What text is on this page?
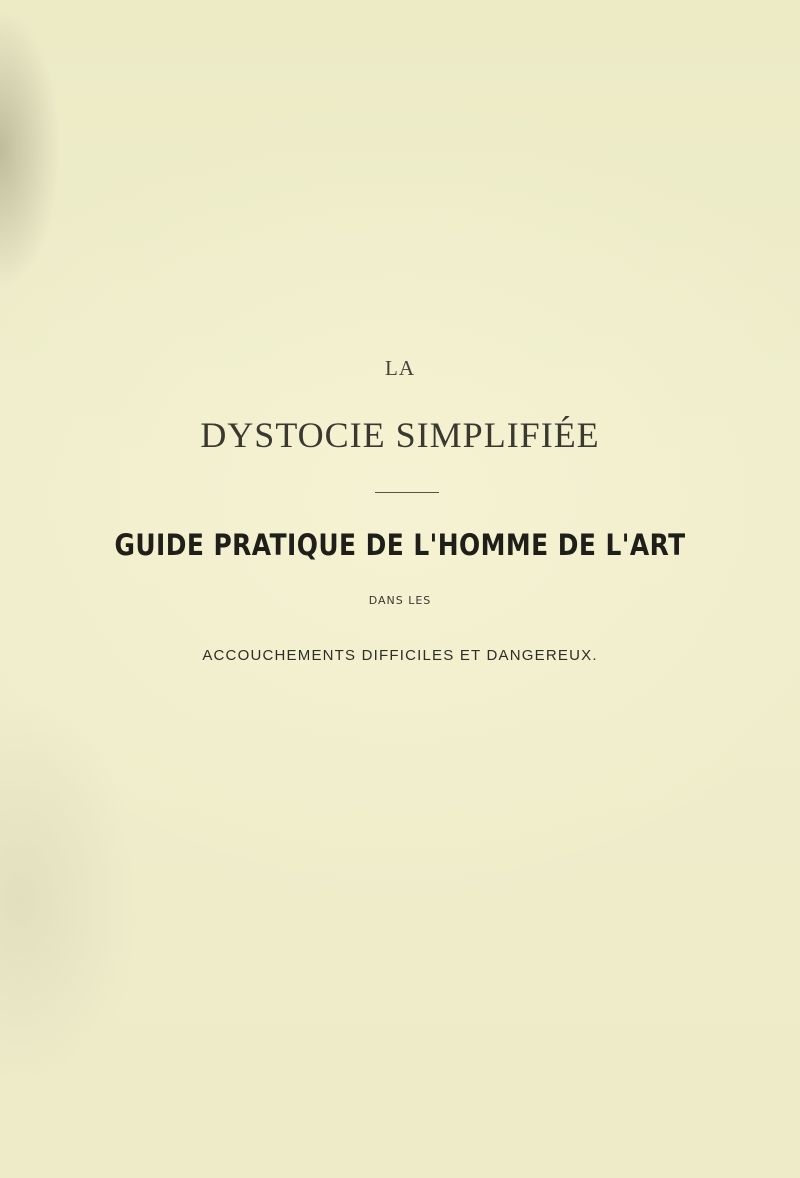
LA
DYSTOCIE SIMPLIFIÉE
GUIDE PRATIQUE DE L'HOMME DE L'ART
DANS LES
ACCOUCHEMENTS DIFFICILES ET DANGEREUX.
